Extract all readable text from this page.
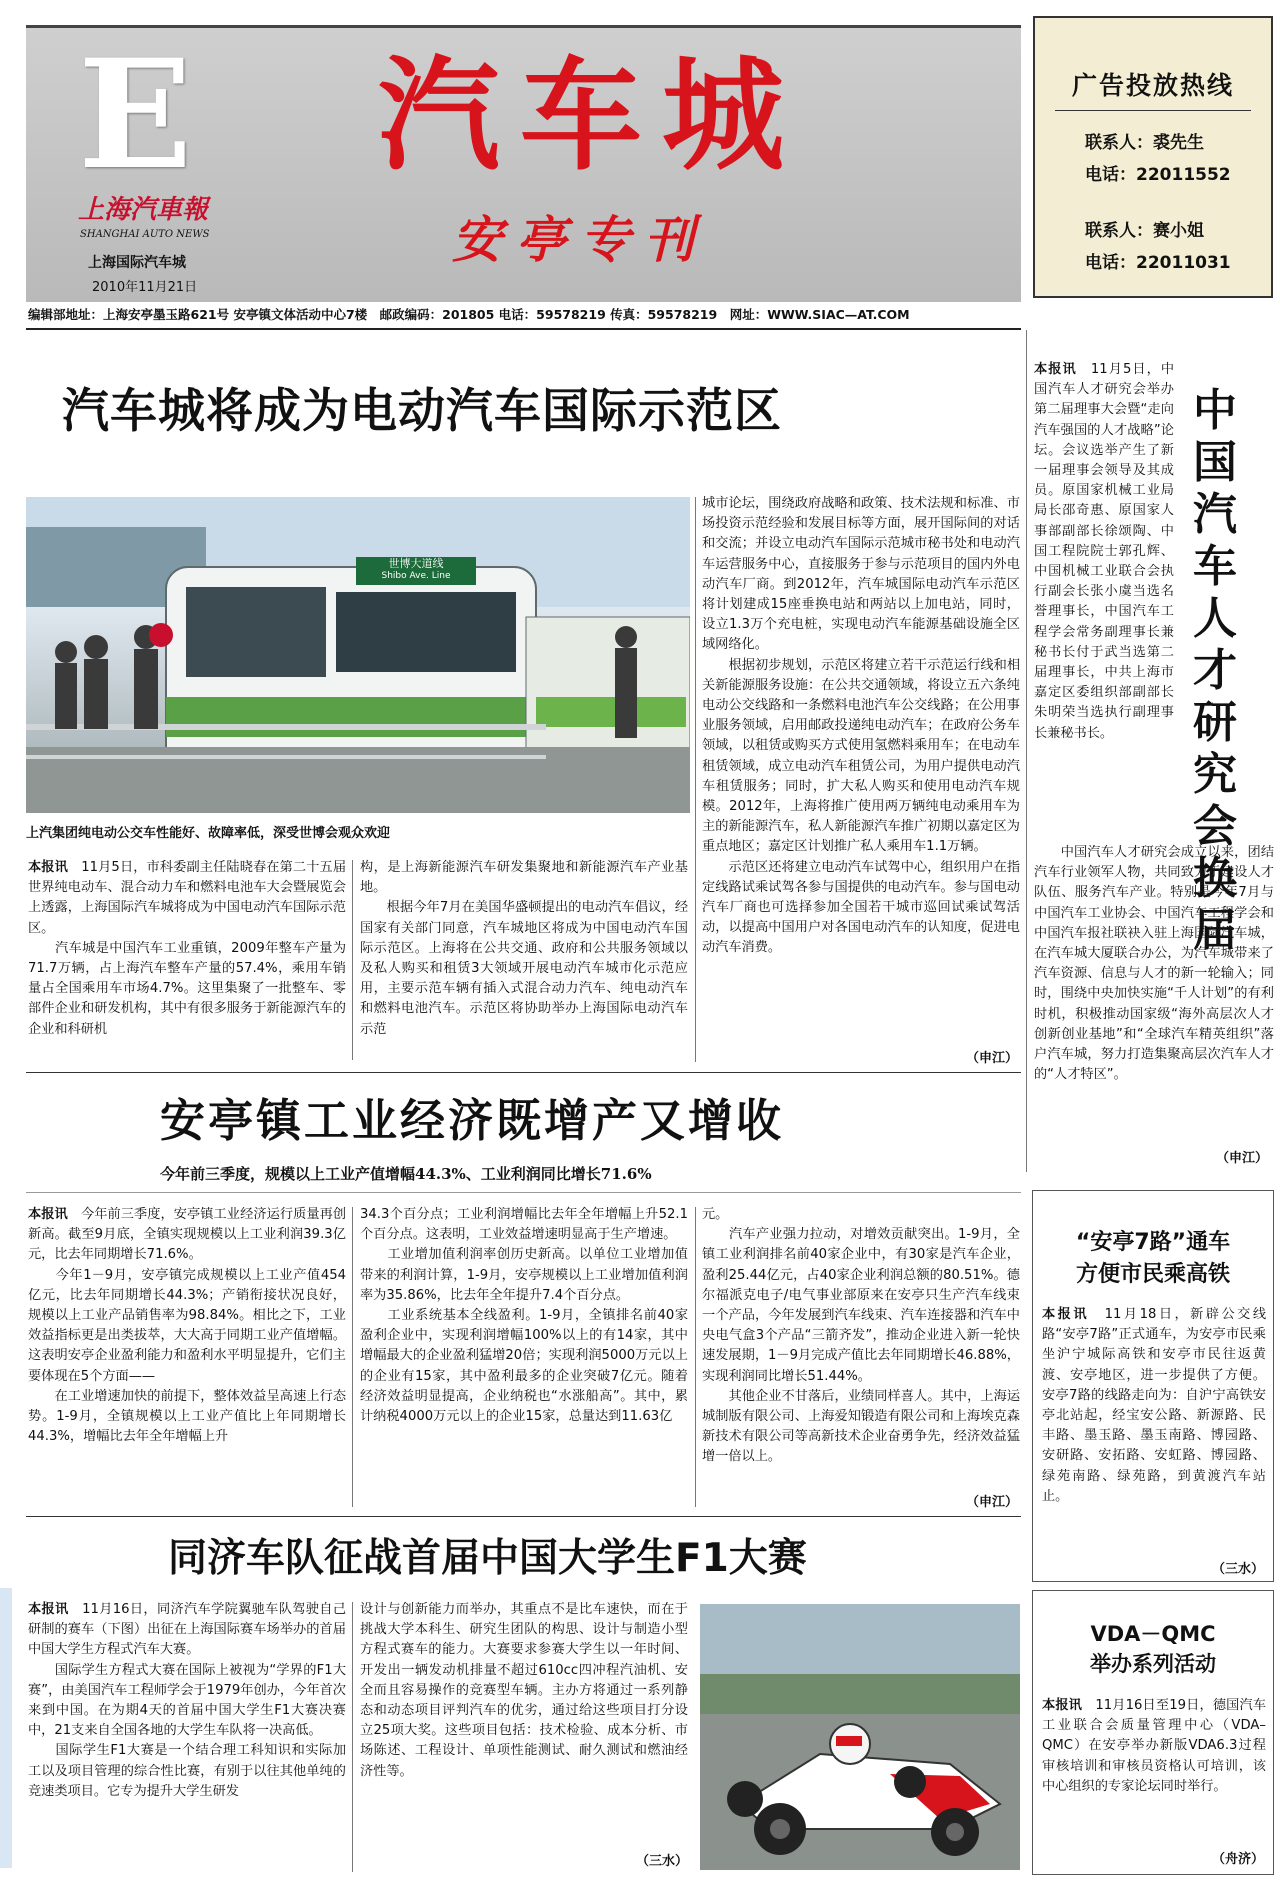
E
上海汽車報
SHANGHAI AUTO NEWS
上海国际汽车城
2010年11月21日
汽车城
安亭专刊
编辑部地址：上海安亭墨玉路621号 安亭镇文体活动中心7楼　邮政编码：201805 电话：59578219 传真：59578219　网址：WWW.SIAC—AT.COM
广告投放热线
联系人：裘先生
电话：22011552
联系人：赛小姐
电话：22011031
汽车城将成为电动汽车国际示范区
世博大道线
Shibo Ave. Line
上汽集团纯电动公交车性能好、故障率低，深受世博会观众欢迎

本报讯　 11月5日，市科委副主任陆晓春在第二十五届世界纯电动车、混合动力车和燃料电池车大会暨展览会上透露，上海国际汽车城将成为中国电动汽车国际示范区。

　　汽车城是中国汽车工业重镇，2009年整车产量为71.7万辆，占上海汽车整车产量的57.4%，乘用车销量占全国乘用车市场4.7%。这里集聚了一批整车、零部件企业和研发机构，其中有很多服务于新能源汽车的企业和科研机

构，是上海新能源汽车研发集聚地和新能源汽车产业基地。

　　根据今年7月在美国华盛顿提出的电动汽车倡议，经国家有关部门同意，汽车城地区将成为中国电动汽车国际示范区。上海将在公共交通、政府和公共服务领域以及私人购买和租赁3大领域开展电动汽车城市化示范应用，主要示范车辆有插入式混合动力汽车、纯电动汽车和燃料电池汽车。示范区将协助举办上海国际电动汽车示范

城市论坛，围绕政府战略和政策、技术法规和标准、市场投资示范经验和发展目标等方面，展开国际间的对话和交流；并设立电动汽车国际示范城市秘书处和电动汽车运营服务中心，直接服务于参与示范项目的国内外电动汽车厂商。到2012年，汽车城国际电动汽车示范区将计划建成15座垂换电站和两站以上加电站，同时，设立1.3万个充电桩，实现电动汽车能源基础设施全区域网络化。

　　根据初步规划，示范区将建立若干示范运行线和相关新能源服务设施：在公共交通领域，将设立五六条纯电动公交线路和一条燃料电池汽车公交线路；在公用事业服务领域，启用邮政投递纯电动汽车；在政府公务车领域，以租赁或购买方式使用氢燃料乘用车；在电动车租赁领域，成立电动汽车租赁公司，为用户提供电动汽车租赁服务；同时，扩大私人购买和使用电动汽车规模。2012年，上海将推广使用两万辆纯电动乘用车为主的新能源汽车，私人新能源汽车推广初期以嘉定区为重点地区；嘉定区计划推广私人乘用车1.1万辆。

　　示范区还将建立电动汽车试驾中心，组织用户在指定线路试乘试驾各参与国提供的电动汽车。参与国电动汽车厂商也可选择参加全国若干城市巡回试乘试驾活动，以提高中国用户对各国电动汽车的认知度，促进电动汽车消费。

（申江）

本报讯　 11月5日，中国汽车人才研究会举办第二届理事大会暨“走向汽车强国的人才战略”论坛。会议选举产生了新一届理事会领导及其成员。原国家机械工业局局长邵奇惠、原国家人事部副部长徐颂陶、中国工程院院士郭孔辉、中国机械工业联合会执行副会长张小虞当选名誉理事长，中国汽车工程学会常务副理事长兼秘书长付于武当选第二届理事长，中共上海市嘉定区委组织部副部长朱明荣当选执行副理事长兼秘书长。

中国汽车人才研究会换届

　　中国汽车人才研究会成立以来，团结汽车行业领军人物，共同致力于建设人才队伍、服务汽车产业。特别是今年7月与中国汽车工业协会、中国汽车工程学会和中国汽车报社联袂入驻上海国际汽车城，在汽车城大厦联合办公，为汽车城带来了汽车资源、信息与人才的新一轮输入；同时，围绕中央加快实施“千人计划”的有利时机，积极推动国家级“海外高层次人才创新创业基地”和“全球汽车精英组织”落户汽车城，努力打造集聚高层次汽车人才的“人才特区”。

（申江）
安亭镇工业经济既增产又增收
今年前三季度，规模以上工业产值增幅44.3%、工业利润同比增长71.6%

本报讯　 今年前三季度，安亭镇工业经济运行质量再创新高。截至9月底，全镇实现规模以上工业利润39.3亿元，比去年同期增长71.6%。

　　今年1－9月，安亭镇完成规模以上工业产值454亿元，比去年同期增长44.3%；产销衔接状况良好，规模以上工业产品销售率为98.84%。相比之下，工业效益指标更是出类拔萃，大大高于同期工业产值增幅。这表明安亭企业盈利能力和盈利水平明显提升，它们主要体现在5个方面——

　　在工业增速加快的前提下，整体效益呈高速上行态势。1-9月，全镇规模以上工业产值比上年同期增长44.3%，增幅比去年全年增幅上升

34.3个百分点；工业利润增幅比去年全年增幅上升52.1个百分点。这表明，工业效益增速明显高于生产增速。

　　工业增加值利润率创历史新高。以单位工业增加值带来的利润计算，1-9月，安亭规模以上工业增加值利润率为35.86%，比去年全年提升7.4个百分点。

　　工业系统基本全线盈利。1-9月，全镇排名前40家盈利企业中，实现利润增幅100%以上的有14家，其中增幅最大的企业盈利猛增20倍；实现利润5000万元以上的企业有15家，其中盈利最多的企业突破7亿元。随着经济效益明显提高，企业纳税也“水涨船高”。其中，累计纳税4000万元以上的企业15家，总量达到11.63亿

元。

　　汽车产业强力拉动，对增效贡献突出。1-9月，全镇工业利润排名前40家企业中，有30家是汽车企业，盈利25.44亿元，占40家企业利润总额的80.51%。德尔福派克电子/电气事业部原来在安亭只生产汽车线束一个产品，今年发展到汽车线束、汽车连接器和汽车中央电气盒3个产品“三箭齐发”，推动企业进入新一轮快速发展期，1－9月完成产值比去年同期增长46.88%，实现利润同比增长51.44%。

　　其他企业不甘落后，业绩同样喜人。其中，上海运城制版有限公司、上海爱知锻造有限公司和上海埃克森新技术有限公司等高新技术企业奋勇争先，经济效益猛增一倍以上。

（申江）
“安亭7路”通车
方便市民乘高铁

本报讯　 11月18日，新辟公交线路“安亭7路”正式通车，为安亭市民乘坐沪宁城际高铁和安亭市民往返黄渡、安亭地区，进一步提供了方便。安亭7路的线路走向为：自沪宁高铁安亭北站起，经宝安公路、新源路、民丰路、墨玉路、墨玉南路、博园路、安研路、安拓路、安虹路、博园路、绿苑南路、绿苑路，到黄渡汽车站止。

（三水）
VDA－QMC
举办系列活动

本报讯　 11月16日至19日，德国汽车工业联合会质量管理中心（VDA–QMC）在安亭举办新版VDA6.3过程审核培训和审核员资格认可培训，该中心组织的专家论坛同时举行。

（舟济）
同济车队征战首届中国大学生F1大赛

本报讯　 11月16日，同济汽车学院翼驰车队驾驶自己研制的赛车（下图）出征在上海国际赛车场举办的首届中国大学生方程式汽车大赛。

　　国际学生方程式大赛在国际上被视为“学界的F1大赛”，由美国汽车工程师学会于1979年创办，今年首次来到中国。在为期4天的首届中国大学生F1大赛决赛中，21支来自全国各地的大学生车队将一决高低。

　　国际学生F1大赛是一个结合理工科知识和实际加工以及项目管理的综合性比赛，有别于以往其他单纯的竞速类项目。它专为提升大学生研发

设计与创新能力而举办，其重点不是比车速快，而在于挑战大学本科生、研究生团队的构思、设计与制造小型方程式赛车的能力。大赛要求参赛大学生以一年时间、开发出一辆发动机排量不超过610cc四冲程汽油机、安全而且容易操作的竞赛型车辆。主办方将通过一系列静态和动态项目评判汽车的优劣，通过给这些项目打分设立25项大奖。这些项目包括：技术检验、成本分析、市场陈述、工程设计、单项性能测试、耐久测试和燃油经济性等。

（三水）
